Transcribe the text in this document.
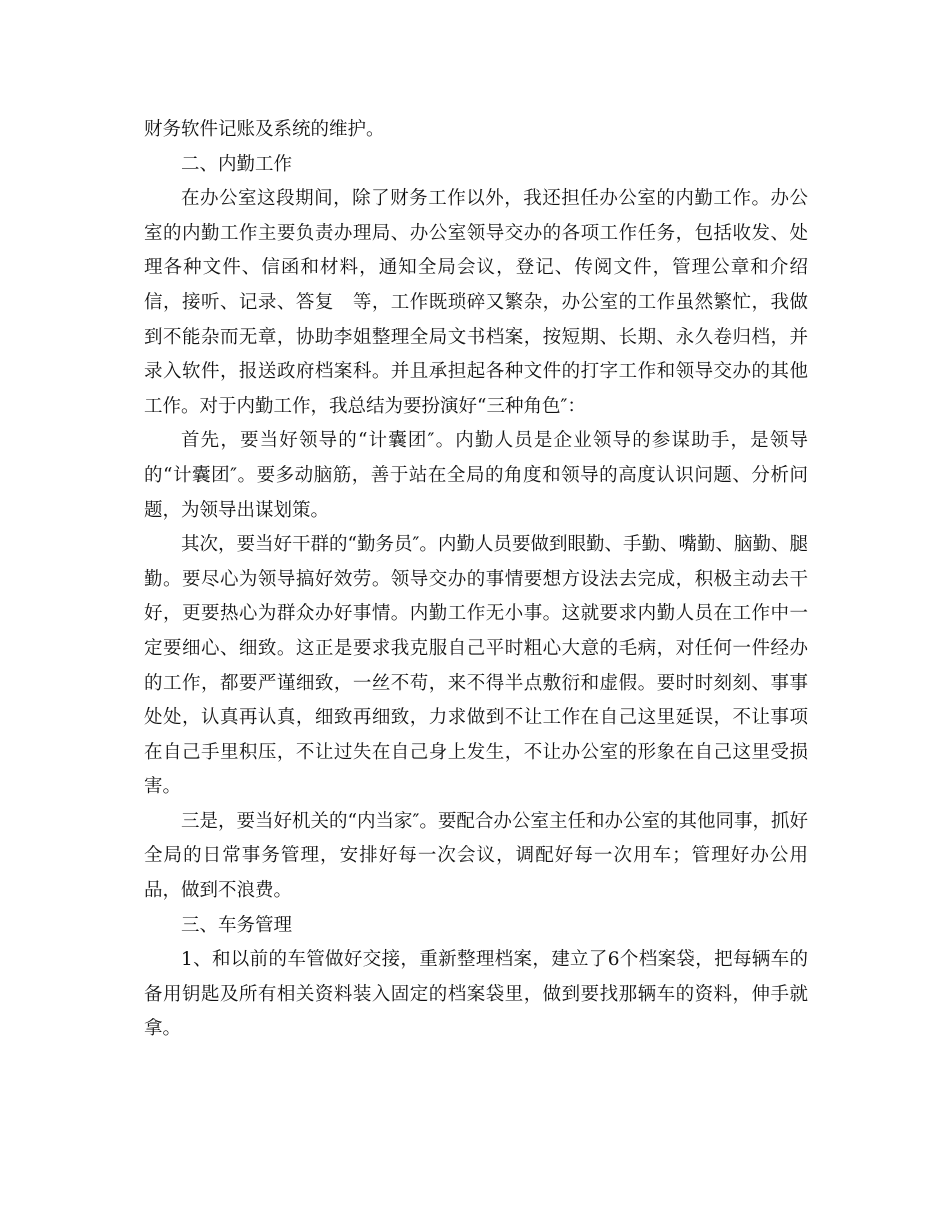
财务软件记账及系统的维护。

二、内勤工作

在办公室这段期间，除了财务工作以外，我还担任办公室的内勤工作。办公室的内勤工作主要负责办理局、办公室领导交办的各项工作任务，包括收发、处理各种文件、信函和材料，通知全局会议，登记、传阅文件，管理公章和介绍信，接听、记录、答复　等，工作既琐碎又繁杂，办公室的工作虽然繁忙，我做到不能杂而无章，协助李姐整理全局文书档案，按短期、长期、永久卷归档，并录入软件，报送政府档案科。并且承担起各种文件的打字工作和领导交办的其他工作。对于内勤工作，我总结为要扮演好“三种角色″：

首先，要当好领导的“计囊团″。内勤人员是企业领导的参谋助手，是领导的“计囊团″。要多动脑筋，善于站在全局的角度和领导的高度认识问题、分析问题，为领导出谋划策。

其次，要当好干群的“勤务员″。内勤人员要做到眼勤、手勤、嘴勤、脑勤、腿勤。要尽心为领导搞好效劳。领导交办的事情要想方设法去完成，积极主动去干好，更要热心为群众办好事情。内勤工作无小事。这就要求内勤人员在工作中一定要细心、细致。这正是要求我克服自己平时粗心大意的毛病，对任何一件经办的工作，都要严谨细致，一丝不苟，来不得半点敷衍和虚假。要时时刻刻、事事处处，认真再认真，细致再细致，力求做到不让工作在自己这里延误，不让事项在自己手里积压，不让过失在自己身上发生，不让办公室的形象在自己这里受损害。

三是，要当好机关的“内当家″。要配合办公室主任和办公室的其他同事，抓好全局的日常事务管理，安排好每一次会议，调配好每一次用车；管理好办公用品，做到不浪费。

三、车务管理

1、和以前的车管做好交接，重新整理档案，建立了6个档案袋，把每辆车的备用钥匙及所有相关资料装入固定的档案袋里，做到要找那辆车的资料，伸手就拿。
